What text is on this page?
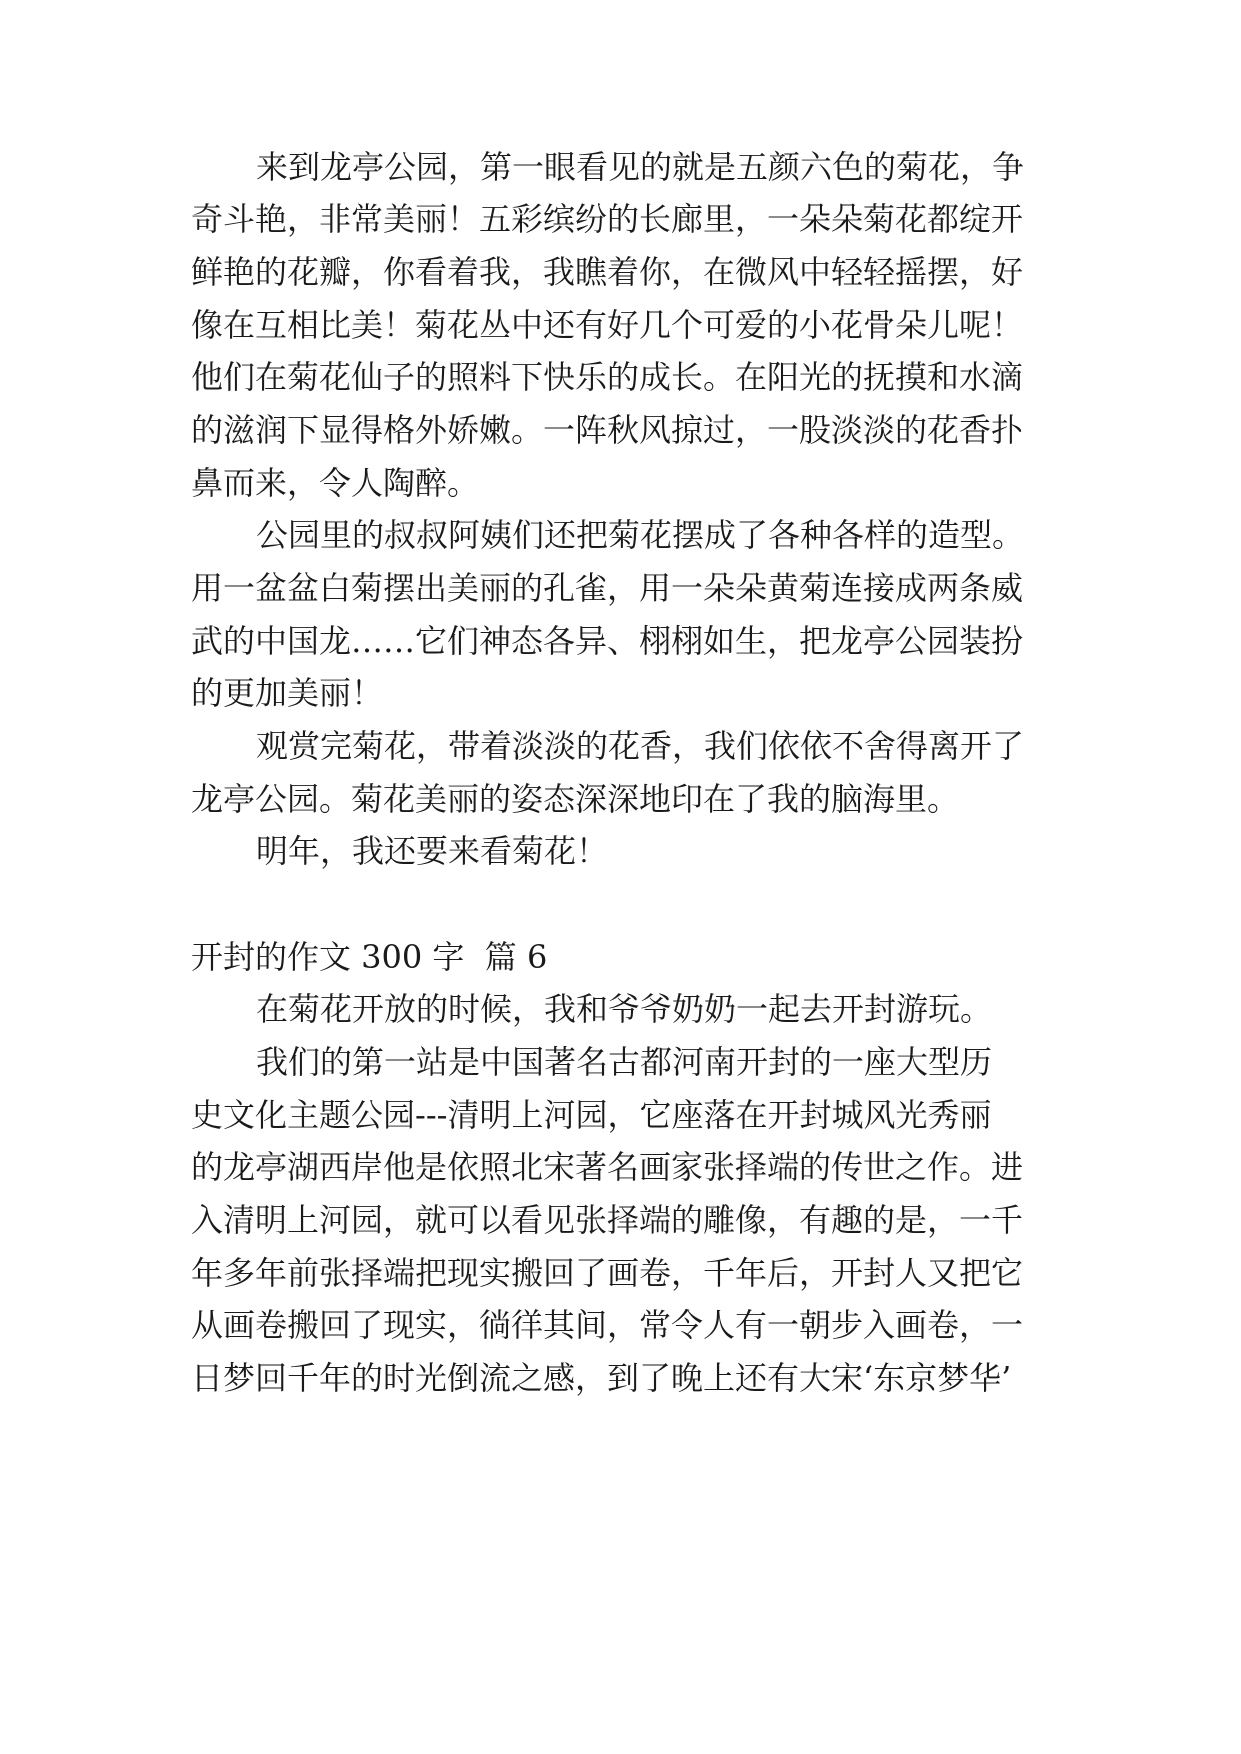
来到龙亭公园，第一眼看见的就是五颜六色的菊花，争
奇斗艳，非常美丽！五彩缤纷的长廊里，一朵朵菊花都绽开
鲜艳的花瓣，你看着我，我瞧着你，在微风中轻轻摇摆，好
像在互相比美！菊花丛中还有好几个可爱的小花骨朵儿呢！
他们在菊花仙子的照料下快乐的成长。在阳光的抚摸和水滴
的滋润下显得格外娇嫩。一阵秋风掠过，一股淡淡的花香扑
鼻而来，令人陶醉。
公园里的叔叔阿姨们还把菊花摆成了各种各样的造型。
用一盆盆白菊摆出美丽的孔雀，用一朵朵黄菊连接成两条威
武的中国龙……它们神态各异、栩栩如生，把龙亭公园装扮
的更加美丽！
观赏完菊花，带着淡淡的花香，我们依依不舍得离开了
龙亭公园。菊花美丽的姿态深深地印在了我的脑海里。
明年，我还要来看菊花！
开封的作文 300 字  篇 6
在菊花开放的时候，我和爷爷奶奶一起去开封游玩。
我们的第一站是中国著名古都河南开封的一座大型历
史文化主题公园---清明上河园，它座落在开封城风光秀丽
的龙亭湖西岸他是依照北宋著名画家张择端的传世之作。进
入清明上河园，就可以看见张择端的雕像，有趣的是，一千
年多年前张择端把现实搬回了画卷，千年后，开封人又把它
从画卷搬回了现实，徜徉其间，常令人有一朝步入画卷，一
日梦回千年的时光倒流之感，到了晚上还有大宋‘东京梦华’
